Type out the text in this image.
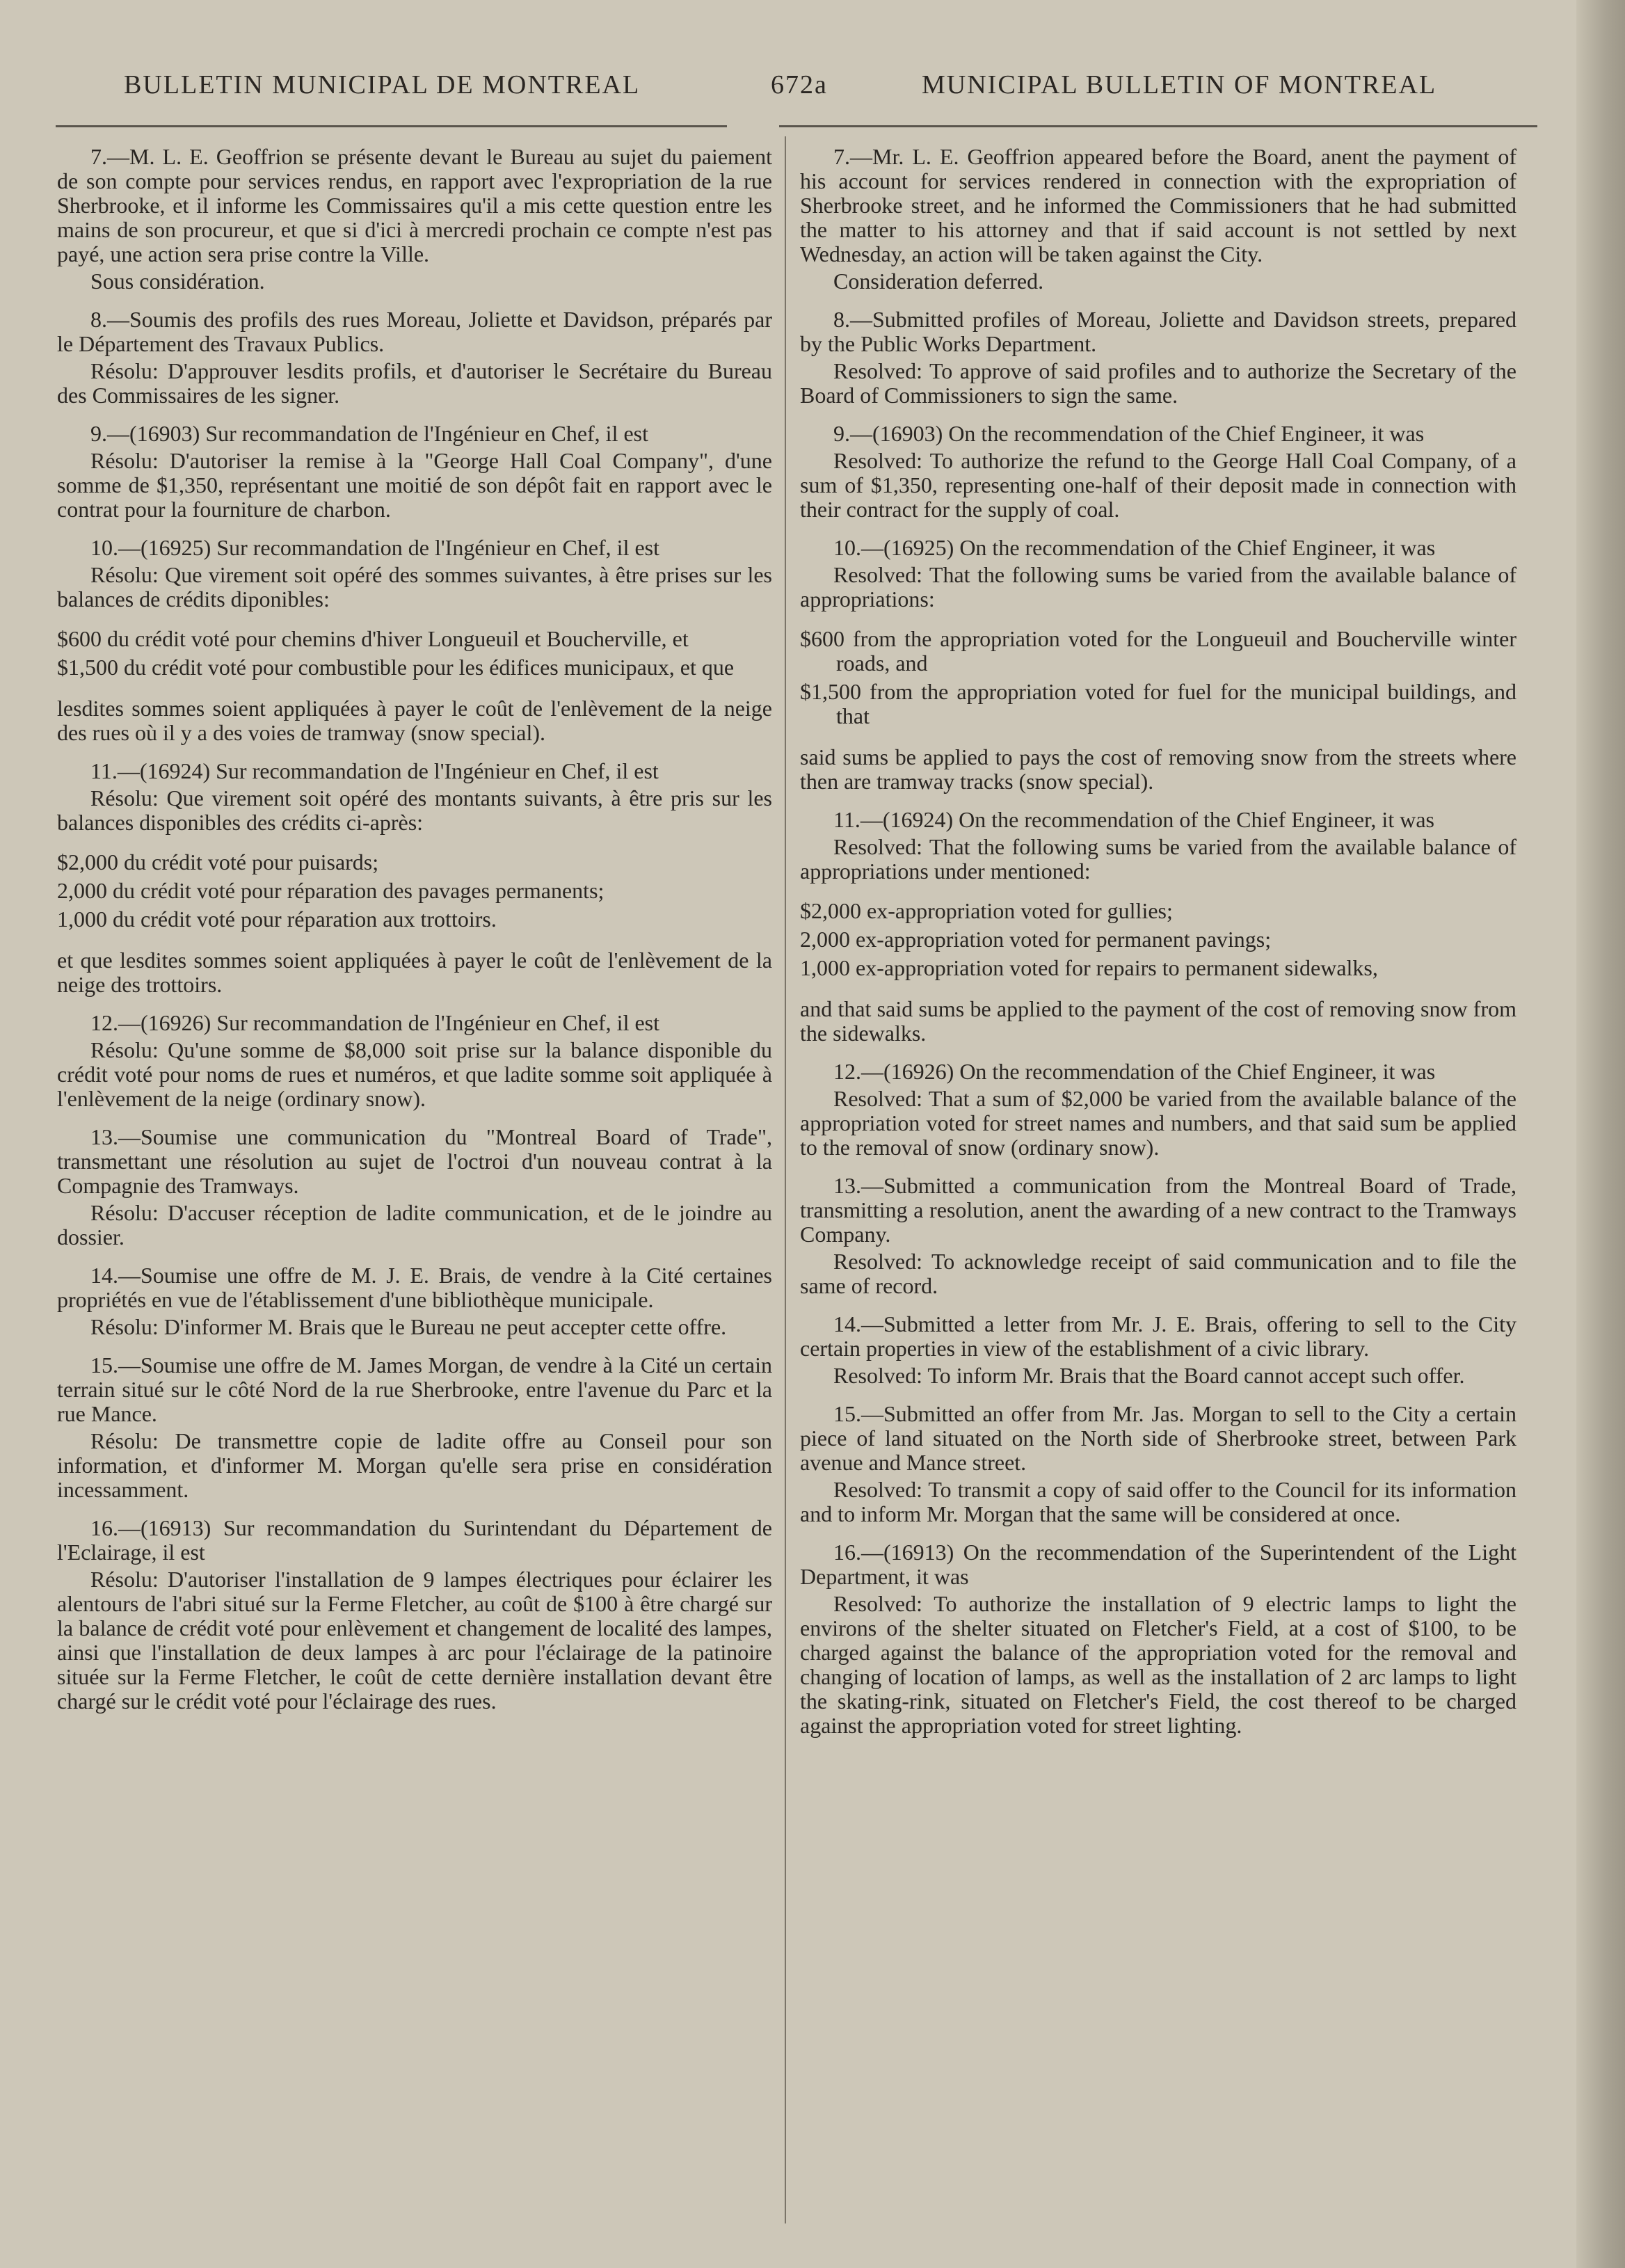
BULLETIN MUNICIPAL DE MONTREAL	672a	MUNICIPAL BULLETIN OF MONTREAL

7.—M. L. E. Geoffrion se présente devant le Bureau au sujet du paiement de son compte pour services rendus, en rapport avec l'expropriation de la rue Sherbrooke, et il informe les Commissaires qu'il a mis cette question entre les mains de son procureur, et que si d'ici à mercredi prochain ce compte n'est pas payé, une action sera prise contre la Ville.

Sous considération.

8.—Soumis des profils des rues Moreau, Joliette et Davidson, préparés par le Département des Travaux Publics.

Résolu: D'approuver lesdits profils, et d'autoriser le Secrétaire du Bureau des Commissaires de les signer.

9.—(16903) Sur recommandation de l'Ingénieur en Chef, il est

Résolu: D'autoriser la remise à la "George Hall Coal Company", d'une somme de $1,350, représentant une moitié de son dépôt fait en rapport avec le contrat pour la fourniture de charbon.

10.—(16925) Sur recommandation de l'Ingénieur en Chef, il est

Résolu: Que virement soit opéré des sommes suivantes, à être prises sur les balances de crédits diponibles:

$600 du crédit voté pour chemins d'hiver Longueuil et Boucherville, et
$1,500 du crédit voté pour combustible pour les édifices municipaux, et que

lesdites sommes soient appliquées à payer le coût de l'enlèvement de la neige des rues où il y a des voies de tramway (snow special).

11.—(16924) Sur recommandation de l'Ingénieur en Chef, il est

Résolu: Que virement soit opéré des montants suivants, à être pris sur les balances disponibles des crédits ci-après:

$2,000 du crédit voté pour puisards;
2,000 du crédit voté pour réparation des pavages permanents;
1,000 du crédit voté pour réparation aux trottoirs.

et que lesdites sommes soient appliquées à payer le coût de l'enlèvement de la neige des trottoirs.

12.—(16926) Sur recommandation de l'Ingénieur en Chef, il est

Résolu: Qu'une somme de $8,000 soit prise sur la balance disponible du crédit voté pour noms de rues et numéros, et que ladite somme soit appliquée à l'enlèvement de la neige (ordinary snow).

13.—Soumise une communication du "Montreal Board of Trade", transmettant une résolution au sujet de l'octroi d'un nouveau contrat à la Compagnie des Tramways.

Résolu: D'accuser réception de ladite communication, et de le joindre au dossier.

14.—Soumise une offre de M. J. E. Brais, de vendre à la Cité certaines propriétés en vue de l'établissement d'une bibliothèque municipale.

Résolu: D'informer M. Brais que le Bureau ne peut accepter cette offre.

15.—Soumise une offre de M. James Morgan, de vendre à la Cité un certain terrain situé sur le côté Nord de la rue Sherbrooke, entre l'avenue du Parc et la rue Mance.

Résolu: De transmettre copie de ladite offre au Conseil pour son information, et d'informer M. Morgan qu'elle sera prise en considération incessamment.

16.—(16913) Sur recommandation du Surintendant du Département de l'Eclairage, il est

Résolu: D'autoriser l'installation de 9 lampes électriques pour éclairer les alentours de l'abri situé sur la Ferme Fletcher, au coût de $100 à être chargé sur la balance de crédit voté pour enlèvement et changement de localité des lampes, ainsi que l'installation de deux lampes à arc pour l'éclairage de la patinoire située sur la Ferme Fletcher, le coût de cette dernière installation devant être chargé sur le crédit voté pour l'éclairage des rues.

7.—Mr. L. E. Geoffrion appeared before the Board, anent the payment of his account for services rendered in connection with the expropriation of Sherbrooke street, and he informed the Commissioners that he had submitted the matter to his attorney and that if said account is not settled by next Wednesday, an action will be taken against the City.

Consideration deferred.

8.—Submitted profiles of Moreau, Joliette and Davidson streets, prepared by the Public Works Department.

Resolved: To approve of said profiles and to authorize the Secretary of the Board of Commissioners to sign the same.

9.—(16903) On the recommendation of the Chief Engineer, it was

Resolved: To authorize the refund to the George Hall Coal Company, of a sum of $1,350, representing one-half of their deposit made in connection with their contract for the supply of coal.

10.—(16925) On the recommendation of the Chief Engineer, it was

Resolved: That the following sums be varied from the available balance of appropriations:

$600 from the appropriation voted for the Longueuil and Boucherville winter roads, and
$1,500 from the appropriation voted for fuel for the municipal buildings, and that

said sums be applied to pays the cost of removing snow from the streets where then are tramway tracks (snow special).

11.—(16924) On the recommendation of the Chief Engineer, it was

Resolved: That the following sums be varied from the available balance of appropriations under mentioned:

$2,000 ex-appropriation voted for gullies;
2,000 ex-appropriation voted for permanent pavings;
1,000 ex-appropriation voted for repairs to permanent sidewalks,

and that said sums be applied to the payment of the cost of removing snow from the sidewalks.

12.—(16926) On the recommendation of the Chief Engineer, it was

Resolved: That a sum of $2,000 be varied from the available balance of the appropriation voted for street names and numbers, and that said sum be applied to the removal of snow (ordinary snow).

13.—Submitted a communication from the Montreal Board of Trade, transmitting a resolution, anent the awarding of a new contract to the Tramways Company.

Resolved: To acknowledge receipt of said communication and to file the same of record.

14.—Submitted a letter from Mr. J. E. Brais, offering to sell to the City certain properties in view of the establishment of a civic library.

Resolved: To inform Mr. Brais that the Board cannot accept such offer.

15.—Submitted an offer from Mr. Jas. Morgan to sell to the City a certain piece of land situated on the North side of Sherbrooke street, between Park avenue and Mance street.

Resolved: To transmit a copy of said offer to the Council for its information and to inform Mr. Morgan that the same will be considered at once.

16.—(16913) On the recommendation of the Superintendent of the Light Department, it was

Resolved: To authorize the installation of 9 electric lamps to light the environs of the shelter situated on Fletcher's Field, at a cost of $100, to be charged against the balance of the appropriation voted for the removal and changing of location of lamps, as well as the installation of 2 arc lamps to light the skating-rink, situated on Fletcher's Field, the cost thereof to be charged against the appropriation voted for street lighting.
